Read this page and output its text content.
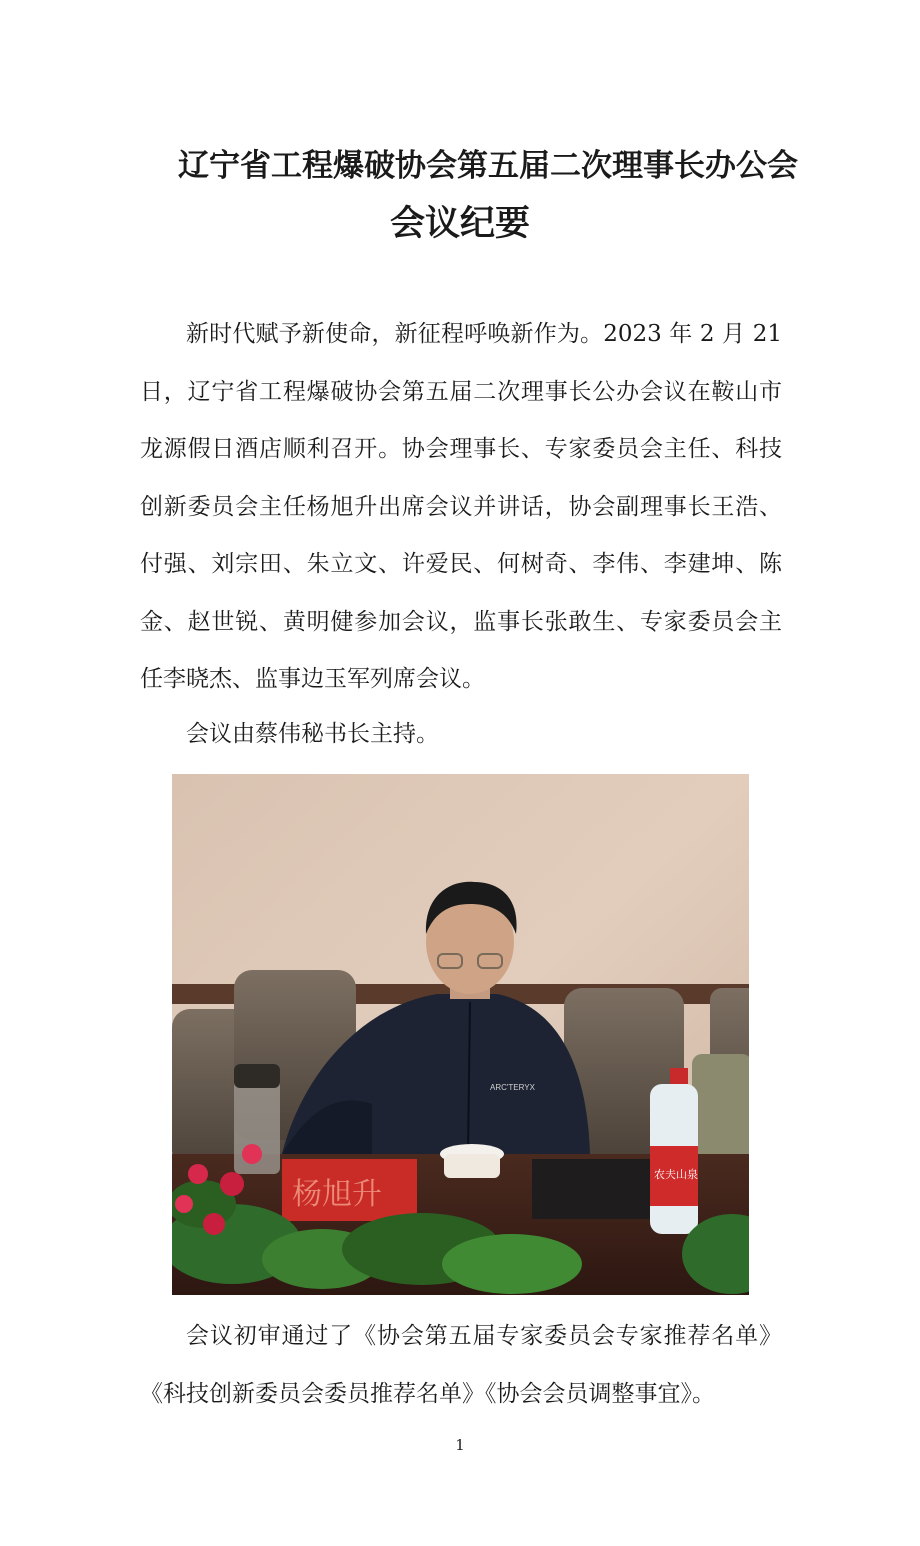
辽宁省工程爆破协会第五届二次理事长办公会
会议纪要

新时代赋予新使命，新征程呼唤新作为。2023 年 2 月 21 日，辽宁省工程爆破协会第五届二次理事长公办会议在鞍山市龙源假日酒店顺利召开。协会理事长、专家委员会主任、科技创新委员会主任杨旭升出席会议并讲话，协会副理事长王浩、付强、刘宗田、朱立文、许爱民、何树奇、李伟、李建坤、陈金、赵世锐、黄明健参加会议，监事长张敢生、专家委员会主任李晓杰、监事边玉军列席会议。

会议由蔡伟秘书长主持。

ARC'TERYX
杨旭升
农夫山泉

会议初审通过了《协会第五届专家委员会专家推荐名单》《科技创新委员会委员推荐名单》《协会会员调整事宜》。

1
